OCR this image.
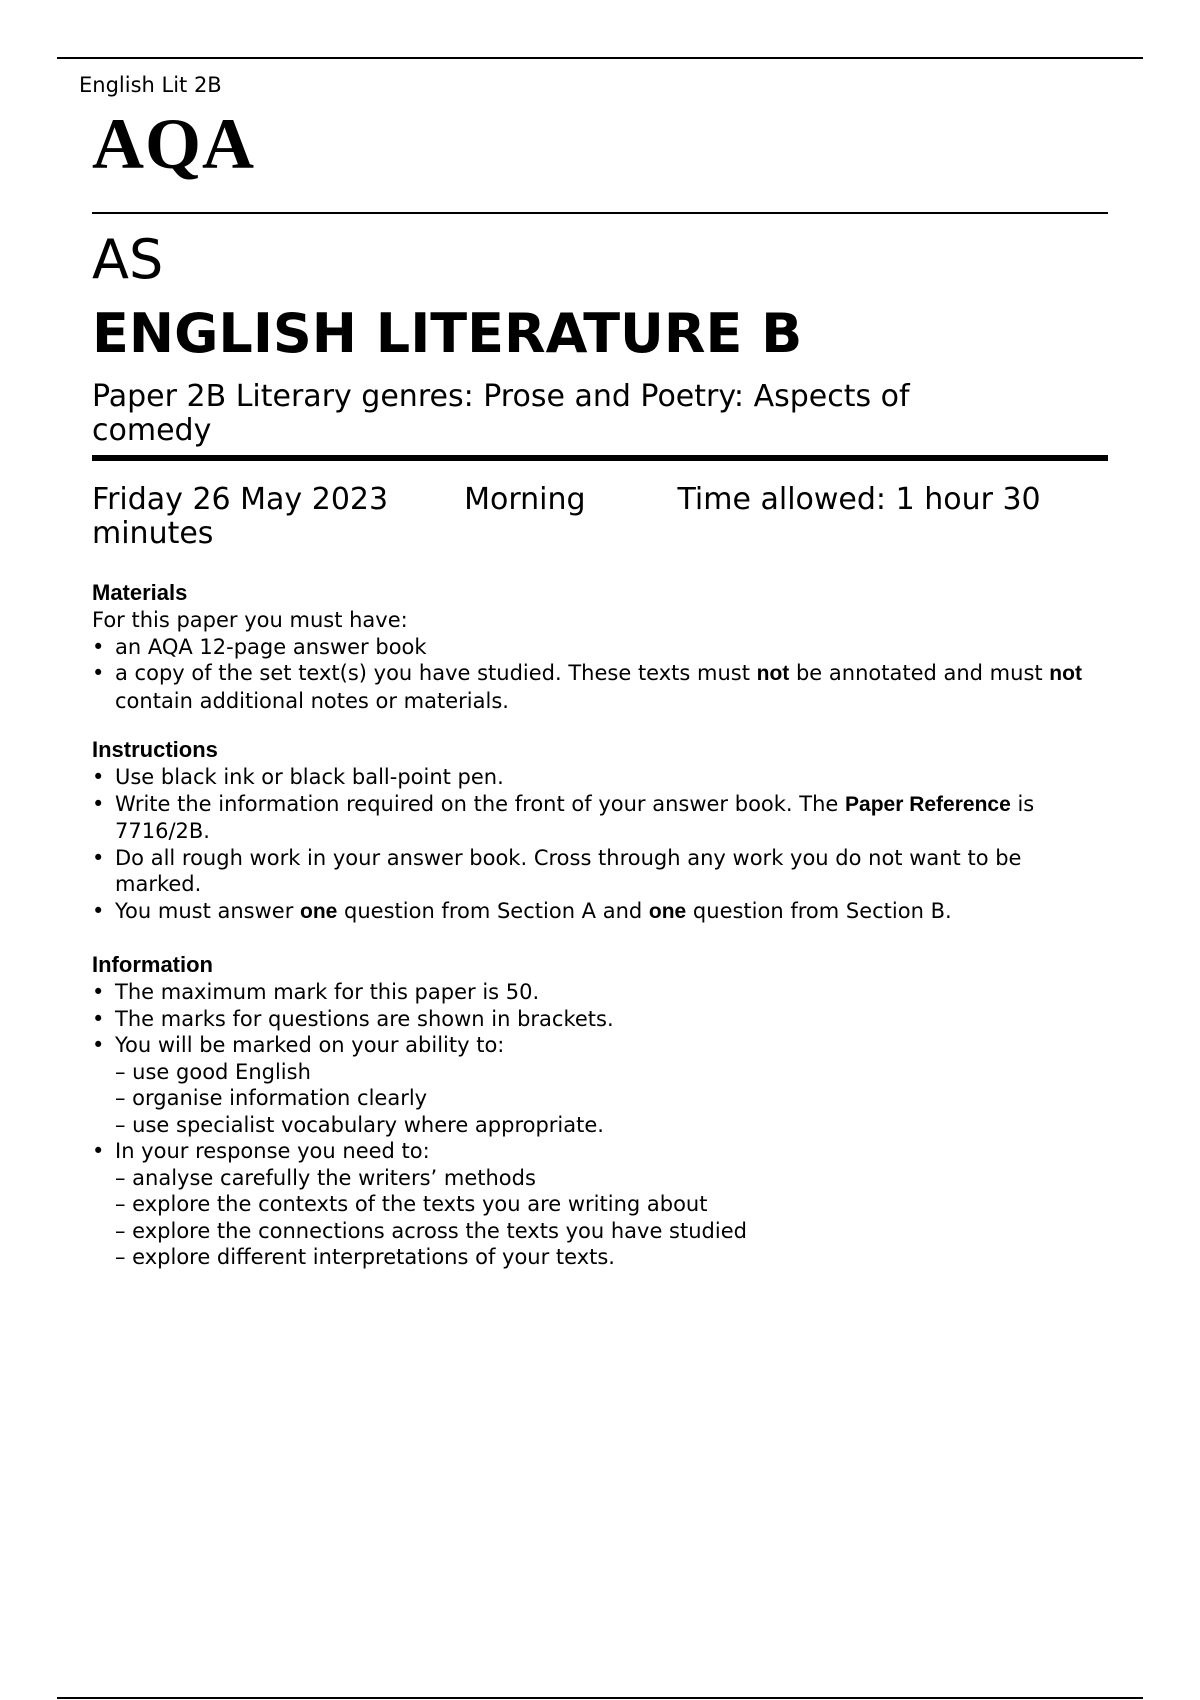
English Lit 2B
AQA
AS
ENGLISH LITERATURE B
Paper 2B Literary genres: Prose and Poetry: Aspects of comedy
Friday 26 May 2023	Morning	Time allowed: 1 hour 30 minutes
Materials

For this paper you must have:

• an AQA 12-page answer book
• a copy of the set text(s) you have studied. These texts must not be annotated and must not contain additional notes or materials.
Instructions
• Use black ink or black ball-point pen.
• Write the information required on the front of your answer book. The Paper Reference is 7716/2B.
• Do all rough work in your answer book. Cross through any work you do not want to be marked.
• You must answer one question from Section A and one question from Section B.
Information
• The maximum mark for this paper is 50.
• The marks for questions are shown in brackets.
• You will be marked on your ability to:
– use good English
– organise information clearly
– use specialist vocabulary where appropriate.
• In your response you need to:
– analyse carefully the writers’ methods
– explore the contexts of the texts you are writing about
– explore the connections across the texts you have studied
– explore different interpretations of your texts.
